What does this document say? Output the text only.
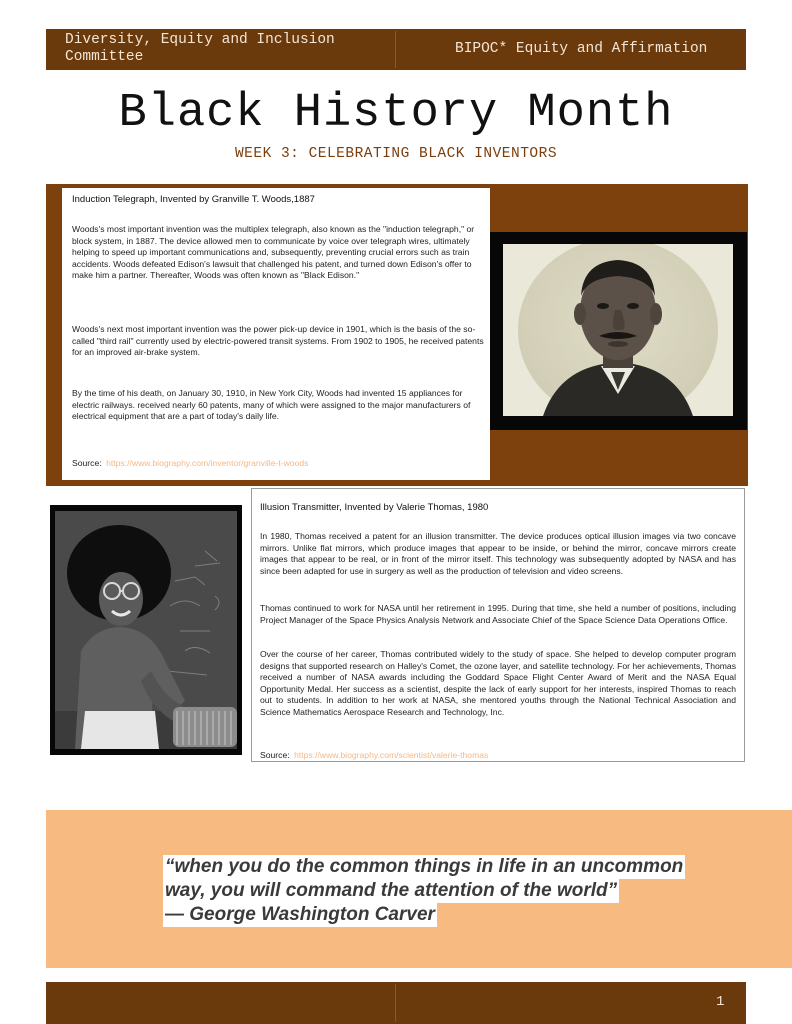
Diversity, Equity and Inclusion Committee	BIPOC* Equity and Affirmation
Black History Month
WEEK 3: CELEBRATING BLACK INVENTORS
Induction Telegraph, Invented by Granville T. Woods,1887

Woods's most important invention was the multiplex telegraph, also known as the "induction telegraph," or block system, in 1887. The device allowed men to communicate by voice over telegraph wires, ultimately helping to speed up important communications and, subsequently, preventing crucial errors such as train accidents. Woods defeated Edison's lawsuit that challenged his patent, and turned down Edison's offer to make him a partner. Thereafter, Woods was often known as "Black Edison."

Woods's next most important invention was the power pick-up device in 1901, which is the basis of the so-called "third rail" currently used by electric-powered transit systems. From 1902 to 1905, he received patents for an improved air-brake system.

By the time of his death, on January 30, 1910, in New York City, Woods had invented 15 appliances for electric railways. received nearly 60 patents, many of which were assigned to the major manufacturers of electrical equipment that are a part of today's daily life.

Source: https://www.biography.com/inventor/granville-t-woods
Illusion Transmitter, Invented by Valerie Thomas, 1980

In 1980, Thomas received a patent for an illusion transmitter. The device produces optical illusion images via two concave mirrors. Unlike flat mirrors, which produce images that appear to be inside, or behind the mirror, concave mirrors create images that appear to be real, or in front of the mirror itself. This technology was subsequently adopted by NASA and has since been adapted for use in surgery as well as the production of television and video screens.

Thomas continued to work for NASA until her retirement in 1995. During that time, she held a number of positions, including Project Manager of the Space Physics Analysis Network and Associate Chief of the Space Science Data Operations Office.

Over the course of her career, Thomas contributed widely to the study of space. She helped to develop computer program designs that supported research on Halley's Comet, the ozone layer, and satellite technology. For her achievements, Thomas received a number of NASA awards including the Goddard Space Flight Center Award of Merit and the NASA Equal Opportunity Medal. Her success as a scientist, despite the lack of early support for her interests, inspired Thomas to reach out to students. In addition to her work at NASA, she mentored youths through the National Technical Association and Science Mathematics Aerospace Research and Technology, Inc.

Source: https://www.biography.com/scientist/valerie-thomas
“when you do the common things in life in an uncommon
way, you will command the attention of the world”
— George Washington Carver
1
